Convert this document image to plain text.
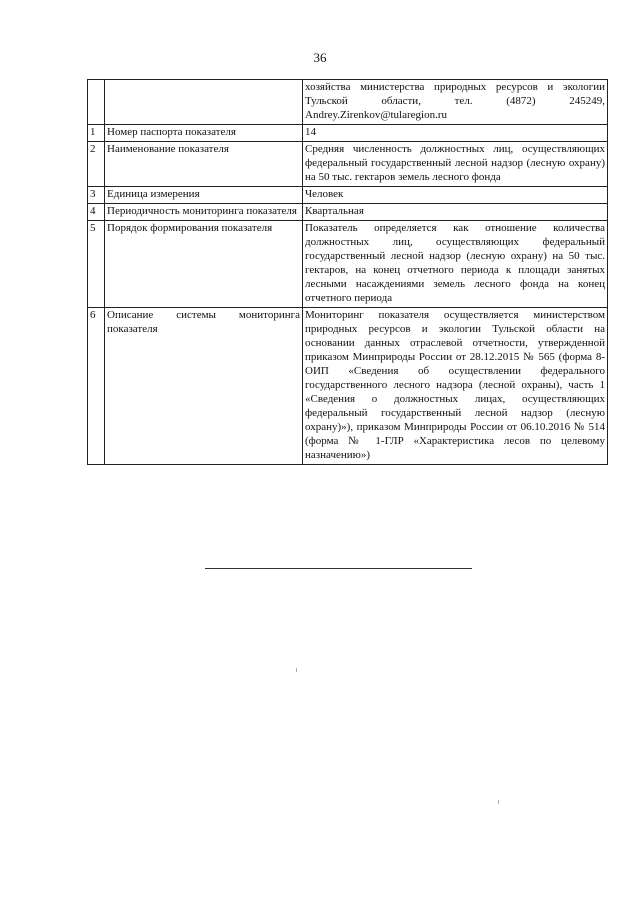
36
		хозяйства министерства природных ресурсов и экологии Тульской области, тел. (4872) 245249, Andrey.Zirenkov@tularegion.ru
1	Номер паспорта показателя	14
2	Наименование показателя	Средняя численность должностных лиц, осуществляющих федеральный государственный лесной надзор (лесную охрану) на 50 тыс. гектаров земель лесного фонда
3	Единица измерения	Человек
4	Периодичность мониторинга показателя	Квартальная
5	Порядок формирования показателя	Показатель определяется как отношение количества должностных лиц, осуществляющих федеральный государственный лесной надзор (лесную охрану) на 50 тыс. гектаров, на конец отчетного периода к площади занятых лесными насаждениями земель лесного фонда на конец отчетного периода
6	Описание системы мониторинга показателя	Мониторинг показателя осуществляется министерством природных ресурсов и экологии Тульской области на основании данных отраслевой отчетности, утвержденной приказом Минприроды России от 28.12.2015 № 565 (форма 8-ОИП «Сведения об осуществлении федерального государственного лесного надзора (лесной охраны), часть 1 «Сведения о должностных лицах, осуществляющих федеральный государственный лесной надзор (лесную охрану)»), приказом Минприроды России от 06.10.2016 № 514 (форма № 1-ГЛР «Характеристика лесов по целевому назначению»)
